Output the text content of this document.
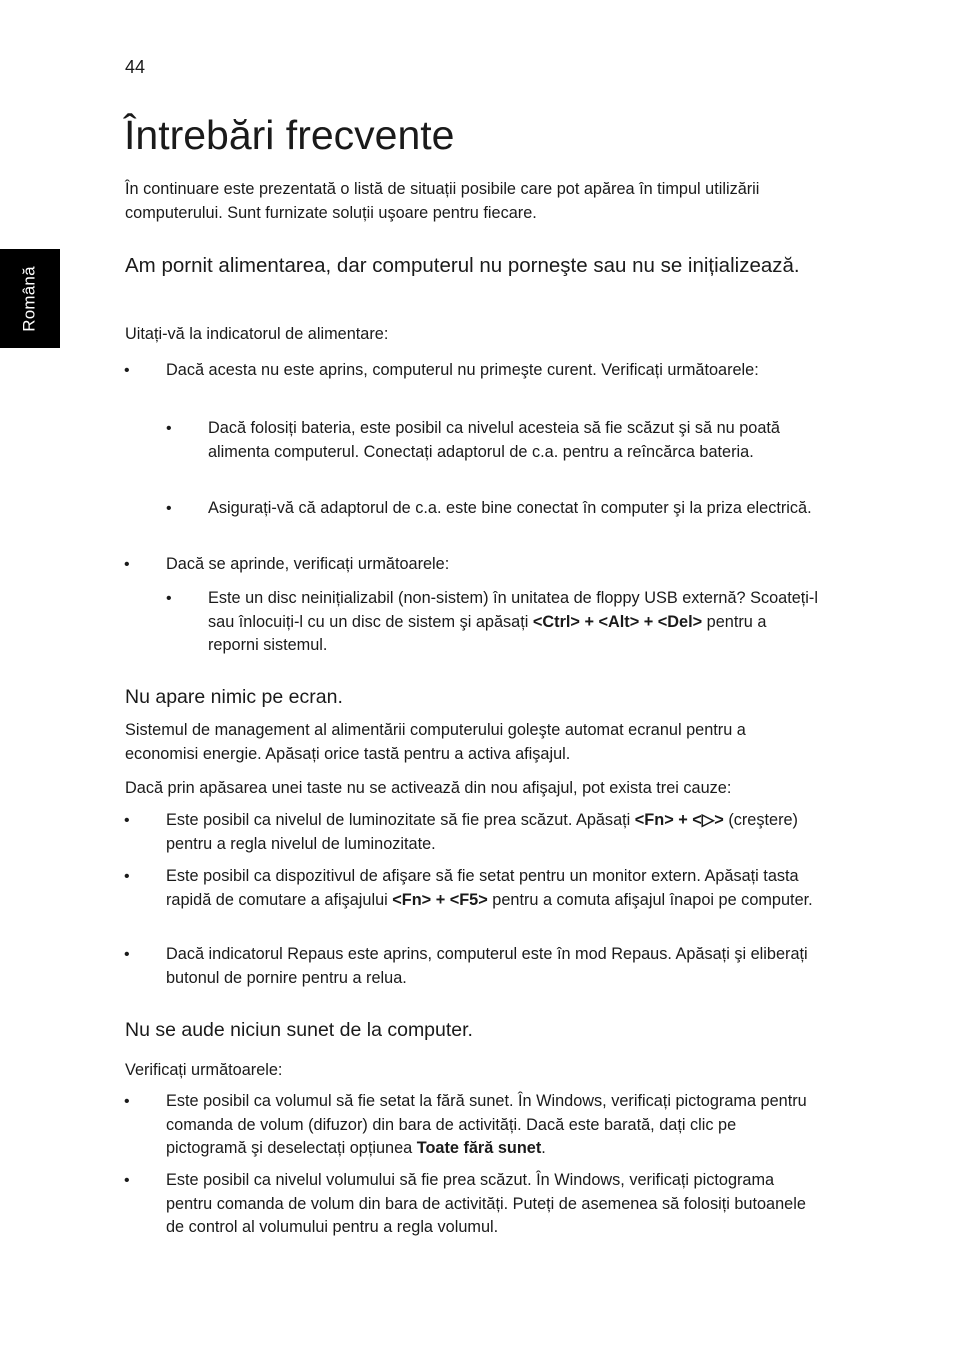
44
Română
Întrebări frecvente

În continuare este prezentată o listă de situații posibile care pot apărea în timpul utilizării computerului. Sunt furnizate soluții uşoare pentru fiecare.

Am pornit alimentarea, dar computerul nu porneşte sau nu se inițializează.

Uitați-vă la indicatorul de alimentare:

• Dacă acesta nu este aprins, computerul nu primeşte curent. Verificați următoarele:

• Dacă folosiți bateria, este posibil ca nivelul acesteia să fie scăzut şi să nu poată alimenta computerul. Conectați adaptorul de c.a. pentru a reîncărca bateria.

• Asigurați-vă că adaptorul de c.a. este bine conectat în computer şi la priza electrică.

• Dacă se aprinde, verificați următoarele:

• Este un disc neinițializabil (non-sistem) în unitatea de floppy USB externă? Scoateți-l sau înlocuiți-l cu un disc de sistem şi apăsați <Ctrl> + <Alt> + <Del> pentru a reporni sistemul.

Nu apare nimic pe ecran.

Sistemul de management al alimentării computerului goleşte automat ecranul pentru a economisi energie. Apăsați orice tastă pentru a activa afişajul.

Dacă prin apăsarea unei taste nu se activează din nou afişajul, pot exista trei cauze:

• Este posibil ca nivelul de luminozitate să fie prea scăzut. Apăsați <Fn> + <▷> (creştere) pentru a regla nivelul de luminozitate.

• Este posibil ca dispozitivul de afişare să fie setat pentru un monitor extern. Apăsați tasta rapidă de comutare a afişajului <Fn> + <F5> pentru a comuta afişajul înapoi pe computer.

• Dacă indicatorul Repaus este aprins, computerul este în mod Repaus. Apăsați şi eliberați butonul de pornire pentru a relua.

Nu se aude niciun sunet de la computer.

Verificați următoarele:

• Este posibil ca volumul să fie setat la fără sunet. În Windows, verificați pictograma pentru comanda de volum (difuzor) din bara de activități. Dacă este barată, dați clic pe pictogramă şi deselectați opțiunea Toate fără sunet.

• Este posibil ca nivelul volumului să fie prea scăzut. În Windows, verificați pictograma pentru comanda de volum din bara de activități. Puteți de asemenea să folosiți butoanele de control al volumului pentru a regla volumul.
